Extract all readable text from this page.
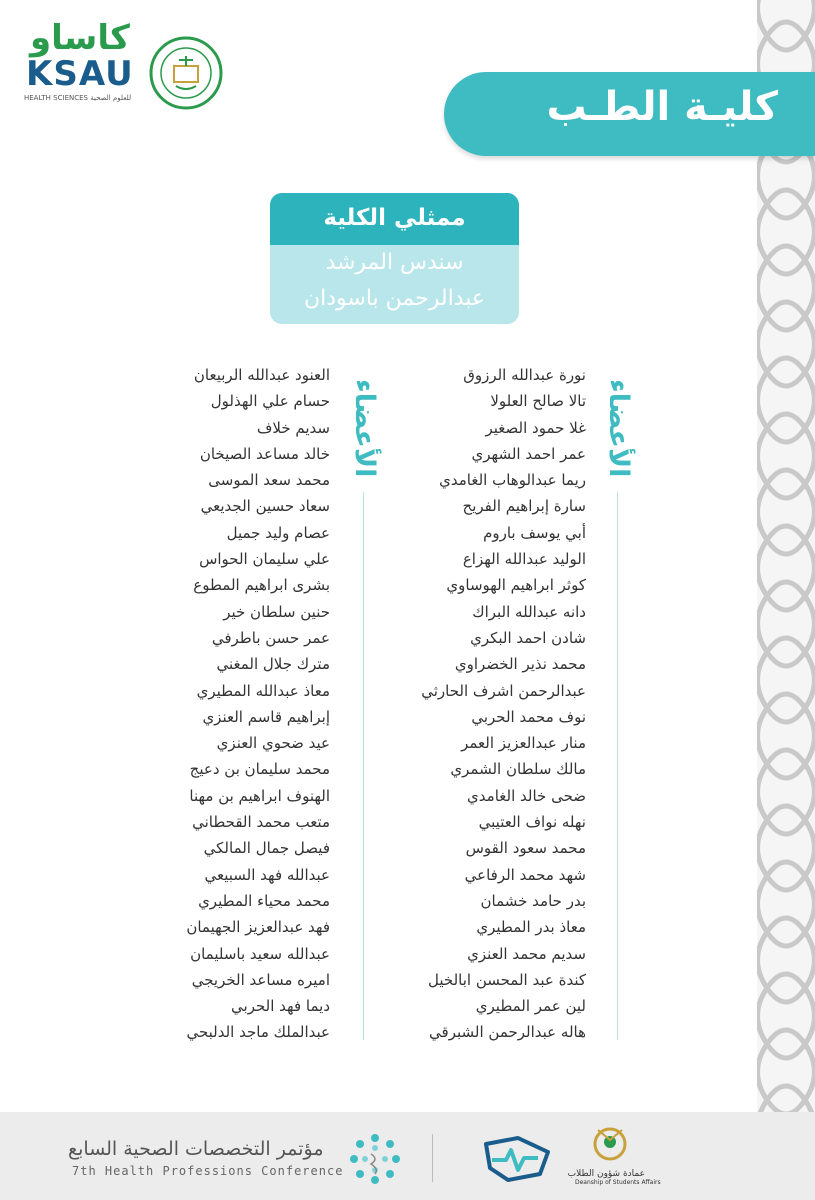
كاساو
KSAU
HEALTH SCIENCES للعلوم الصحية	كليـة الطـب
ممثلي الكلية
سندس المرشد
عبدالرحمن باسودان
الأعضاء
الأعضاء
نورة عبدالله الرزوق
تالا صالح العلولا
غلا حمود الصغير
عمر احمد الشهري
ريما عبدالوهاب الغامدي
سارة إبراهيم الفريح
أبي يوسف باروم
الوليد عبدالله الهزاع
كوثر ابراهيم الهوساوي
دانه عبدالله البراك
شادن احمد البكري
محمد نذير الخضراوي
عبدالرحمن اشرف الحارثي
نوف محمد الحربي
منار عبدالعزيز العمر
مالك سلطان الشمري
ضحى خالد الغامدي
نهله نواف العتيبي
محمد سعود القوس
شهد محمد الرفاعي
بدر حامد خشمان
معاذ بدر المطيري
سديم محمد العنزي
كندة عبد المحسن ابالخيل
لين عمر المطيري
هاله عبدالرحمن الشبرقي
العنود عبدالله الربيعان
حسام علي الهذلول
سديم خلاف
خالد مساعد الصيخان
محمد سعد الموسى
سعاد حسين الجديعي
عصام وليد جميل
علي سليمان الحواس
بشرى ابراهيم المطوع
حنين سلطان خير
عمر حسن باطرفي
مترك جلال المغني
معاذ عبدالله المطيري
إبراهيم قاسم العنزي
عيد ضحوي العنزي
محمد سليمان بن دعيج
الهنوف ابراهيم بن مهنا
متعب محمد القحطاني
فيصل جمال المالكي
عبدالله فهد السبيعي
محمد محياء المطيري
فهد عبدالعزيز الجهيمان
عبدالله سعيد باسليمان
اميره مساعد الخريجي
ديما فهد الحربي
عبدالملك ماجد الدلبحي
مؤتمر التخصصات الصحية السابع
7th Health Professions Conference	عمادة شؤون الطلاب
Deanship of Students Affairs
